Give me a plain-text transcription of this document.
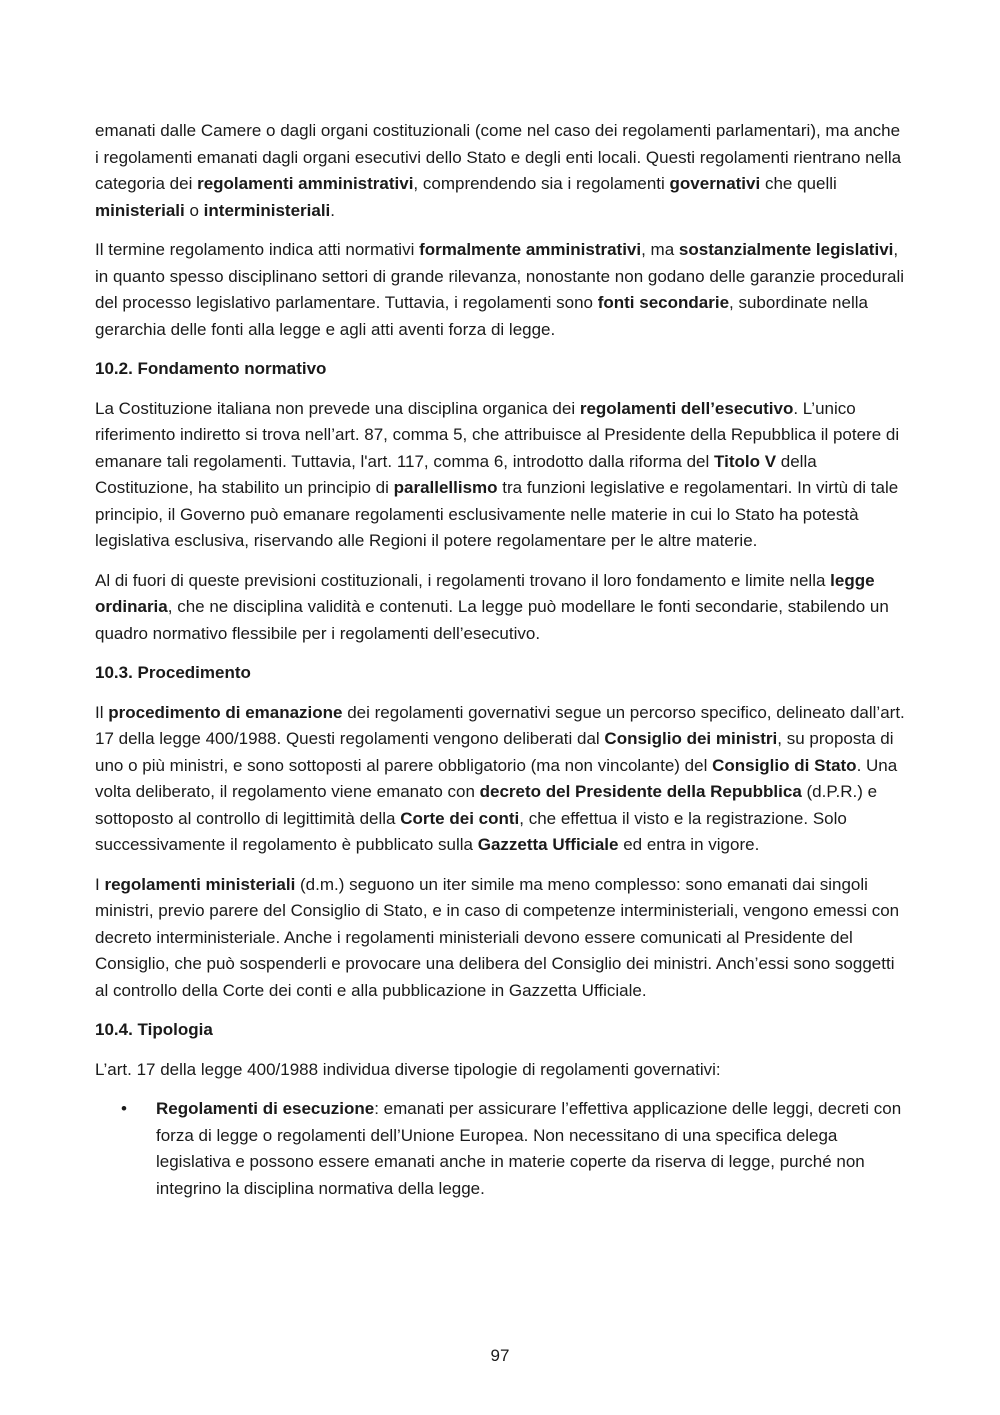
emanati dalle Camere o dagli organi costituzionali (come nel caso dei regolamenti parlamentari), ma anche i regolamenti emanati dagli organi esecutivi dello Stato e degli enti locali. Questi regolamenti rientrano nella categoria dei regolamenti amministrativi, comprendendo sia i regolamenti governativi che quelli ministeriali o interministeriali.

Il termine regolamento indica atti normativi formalmente amministrativi, ma sostanzialmente legislativi, in quanto spesso disciplinano settori di grande rilevanza, nonostante non godano delle garanzie procedurali del processo legislativo parlamentare. Tuttavia, i regolamenti sono fonti secondarie, subordinate nella gerarchia delle fonti alla legge e agli atti aventi forza di legge.

10.2. Fondamento normativo

La Costituzione italiana non prevede una disciplina organica dei regolamenti dell’esecutivo. L’unico riferimento indiretto si trova nell’art. 87, comma 5, che attribuisce al Presidente della Repubblica il potere di emanare tali regolamenti. Tuttavia, l'art. 117, comma 6, introdotto dalla riforma del Titolo V della Costituzione, ha stabilito un principio di parallellismo tra funzioni legislative e regolamentari. In virtù di tale principio, il Governo può emanare regolamenti esclusivamente nelle materie in cui lo Stato ha potestà legislativa esclusiva, riservando alle Regioni il potere regolamentare per le altre materie.

Al di fuori di queste previsioni costituzionali, i regolamenti trovano il loro fondamento e limite nella legge ordinaria, che ne disciplina validità e contenuti. La legge può modellare le fonti secondarie, stabilendo un quadro normativo flessibile per i regolamenti dell’esecutivo.

10.3. Procedimento

Il procedimento di emanazione dei regolamenti governativi segue un percorso specifico, delineato dall’art. 17 della legge 400/1988. Questi regolamenti vengono deliberati dal Consiglio dei ministri, su proposta di uno o più ministri, e sono sottoposti al parere obbligatorio (ma non vincolante) del Consiglio di Stato. Una volta deliberato, il regolamento viene emanato con decreto del Presidente della Repubblica (d.P.R.) e sottoposto al controllo di legittimità della Corte dei conti, che effettua il visto e la registrazione. Solo successivamente il regolamento è pubblicato sulla Gazzetta Ufficiale ed entra in vigore.

I regolamenti ministeriali (d.m.) seguono un iter simile ma meno complesso: sono emanati dai singoli ministri, previo parere del Consiglio di Stato, e in caso di competenze interministeriali, vengono emessi con decreto interministeriale. Anche i regolamenti ministeriali devono essere comunicati al Presidente del Consiglio, che può sospenderli e provocare una delibera del Consiglio dei ministri. Anch’essi sono soggetti al controllo della Corte dei conti e alla pubblicazione in Gazzetta Ufficiale.

10.4. Tipologia

L’art. 17 della legge 400/1988 individua diverse tipologie di regolamenti governativi:

• Regolamenti di esecuzione: emanati per assicurare l’effettiva applicazione delle leggi, decreti con forza di legge o regolamenti dell’Unione Europea. Non necessitano di una specifica delega legislativa e possono essere emanati anche in materie coperte da riserva di legge, purché non integrino la disciplina normativa della legge.
97
